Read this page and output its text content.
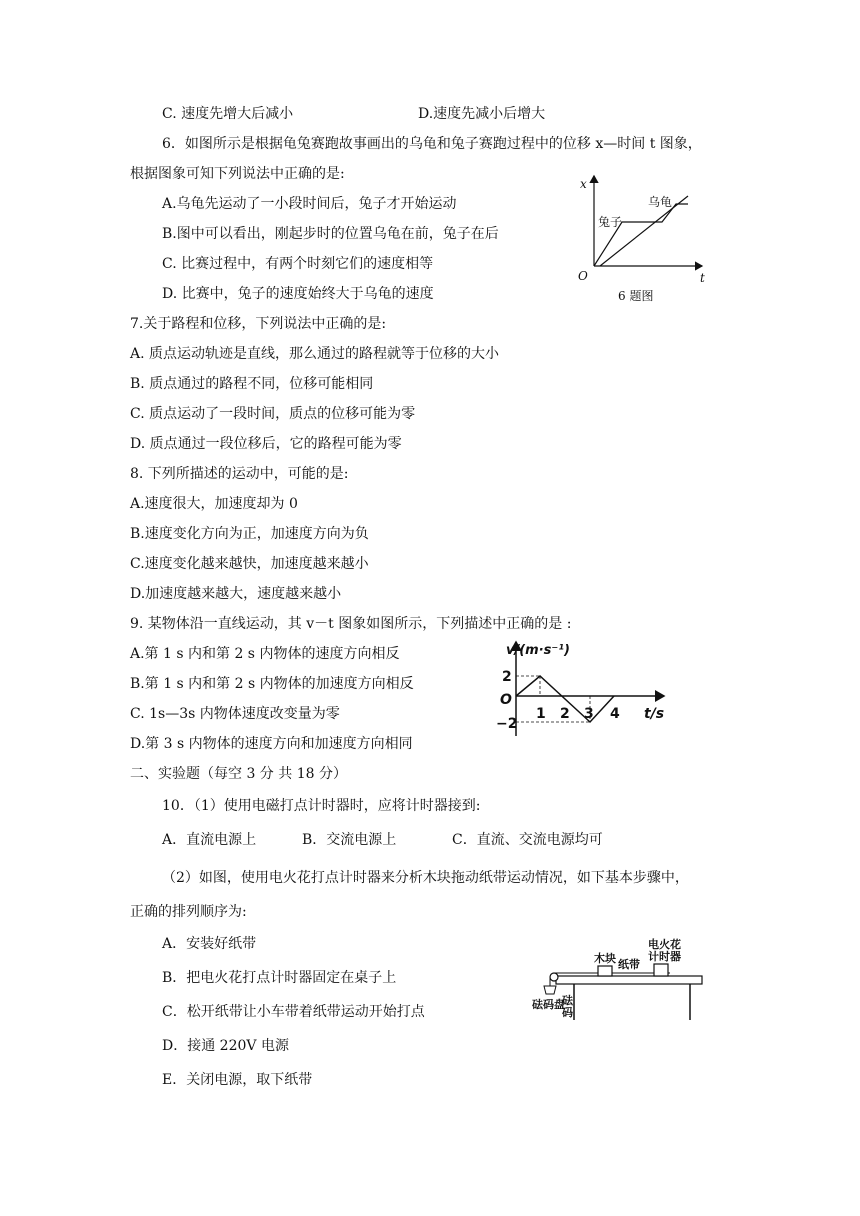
C. 速度先增大后减小	D.速度先减小后增大
6．如图所示是根据龟兔赛跑故事画出的乌龟和兔子赛跑过程中的位移 x—时间 t 图象，
根据图象可知下列说法中正确的是:
A.乌龟先运动了一小段时间后，兔子才开始运动
B.图中可以看出，刚起步时的位置乌龟在前，兔子在后
C. 比赛过程中，有两个时刻它们的速度相等
D. 比赛中，兔子的速度始终大于乌龟的速度
x
t
O
乌龟
兔子
6 题图
7.关于路程和位移，下列说法中正确的是:
A. 质点运动轨迹是直线，那么通过的路程就等于位移的大小
B. 质点通过的路程不同，位移可能相同
C. 质点运动了一段时间，质点的位移可能为零
D. 质点通过一段位移后，它的路程可能为零
8. 下列所描述的运动中，可能的是:
A.速度很大，加速度却为 0
B.速度变化方向为正，加速度方向为负
C.速度变化越来越快，加速度越来越小
D.加速度越来越大，速度越来越小
9. 某物体沿一直线运动，其 v－t 图象如图所示，下列描述中正确的是 :
A.第 1 s 内和第 2 s 内物体的速度方向相反
B.第 1 s 内和第 2 s 内物体的加速度方向相反
C. 1s—3s 内物体速度改变量为零
D.第 3 s 内物体的速度方向和加速度方向相同
v/(m·s⁻¹)
t/s
O
2
−2
1 2 3 4
二、实验题（每空 3 分 共 18 分）
10．（1）使用电磁打点计时器时，应将计时器接到:
A．直流电源上	B．交流电源上	C．直流、交流电源均可
（2）如图，使用电火花打点计时器来分析木块拖动纸带运动情况，如下基本步骤中，
正确的排列顺序为:
A．安装好纸带
B．把电火花打点计时器固定在桌子上
C．松开纸带让小车带着纸带运动开始打点
D．接通 220V 电源
E．关闭电源，取下纸带
电火花
计时器
木块 纸带
砝码盘
砝
码
